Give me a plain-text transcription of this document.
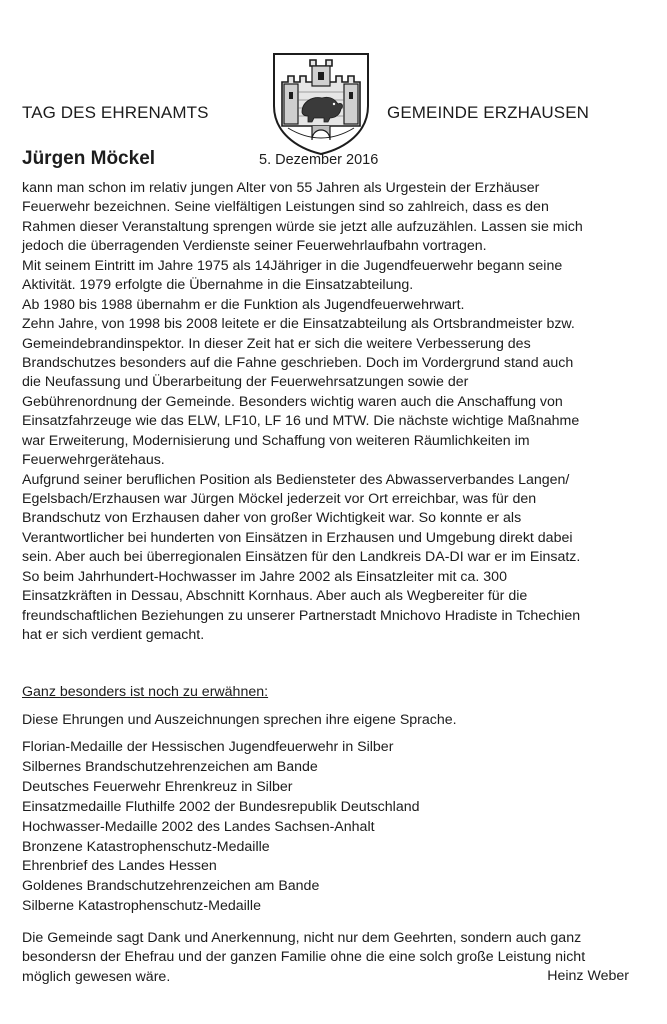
TAG DES EHRENAMTS	GEMEINDE ERZHAUSEN
Jürgen Möckel	5. Dezember 2016
kann man schon im relativ jungen Alter von 55 Jahren als Urgestein der Erzhäuser
Feuerwehr bezeichnen. Seine vielfältigen Leistungen sind so zahlreich, dass es den
Rahmen dieser Veranstaltung sprengen würde sie jetzt alle aufzuzählen. Lassen sie mich
jedoch die überragenden Verdienste seiner Feuerwehrlaufbahn vortragen.
Mit seinem Eintritt im Jahre 1975 als 14Jähriger in die Jugendfeuerwehr begann seine
Aktivität. 1979 erfolgte die Übernahme in die Einsatzabteilung.
Ab 1980 bis 1988 übernahm er die Funktion als Jugendfeuerwehrwart.
Zehn Jahre, von 1998 bis 2008 leitete er die Einsatzabteilung als Ortsbrandmeister bzw.
Gemeindebrandinspektor. In dieser Zeit hat er sich die weitere Verbesserung des
Brandschutzes besonders auf die Fahne geschrieben. Doch im Vordergrund stand auch
die Neufassung und Überarbeitung der Feuerwehrsatzungen sowie der
Gebührenordnung der Gemeinde. Besonders wichtig waren auch die Anschaffung von
Einsatzfahrzeuge wie das ELW, LF10, LF 16 und MTW. Die nächste wichtige Maßnahme
war Erweiterung, Modernisierung und Schaffung von weiteren Räumlichkeiten im
Feuerwehrgerätehaus.
Aufgrund seiner beruflichen Position als Bediensteter des Abwasserverbandes Langen/
Egelsbach/Erzhausen war Jürgen Möckel jederzeit vor Ort erreichbar, was für den
Brandschutz von Erzhausen daher von großer Wichtigkeit war. So konnte er als
Verantwortlicher bei hunderten von Einsätzen in Erzhausen und Umgebung direkt dabei
sein. Aber auch bei überregionalen Einsätzen für den Landkreis DA-DI war er im Einsatz.
So beim Jahrhundert-Hochwasser im Jahre 2002 als Einsatzleiter mit ca. 300
Einsatzkräften in Dessau, Abschnitt Kornhaus. Aber auch als Wegbereiter für die
freundschaftlichen Beziehungen zu unserer Partnerstadt Mnichovo Hradiste in Tchechien
hat er sich verdient gemacht.
Ganz besonders ist noch zu erwähnen:
Diese Ehrungen und Auszeichnungen sprechen ihre eigene Sprache.
Florian-Medaille der Hessischen Jugendfeuerwehr in Silber
Silbernes Brandschutzehrenzeichen am Bande
Deutsches Feuerwehr Ehrenkreuz in Silber
Einsatzmedaille Fluthilfe 2002 der Bundesrepublik Deutschland
Hochwasser-Medaille 2002 des Landes Sachsen-Anhalt
Bronzene Katastrophenschutz-Medaille
Ehrenbrief des Landes Hessen
Goldenes Brandschutzehrenzeichen am Bande
Silberne Katastrophenschutz-Medaille
Die Gemeinde sagt Dank und Anerkennung, nicht nur dem Geehrten, sondern auch ganz
besondersn der Ehefrau und der ganzen Familie ohne die eine solch große Leistung nicht
möglich gewesen wäre.	Heinz Weber
